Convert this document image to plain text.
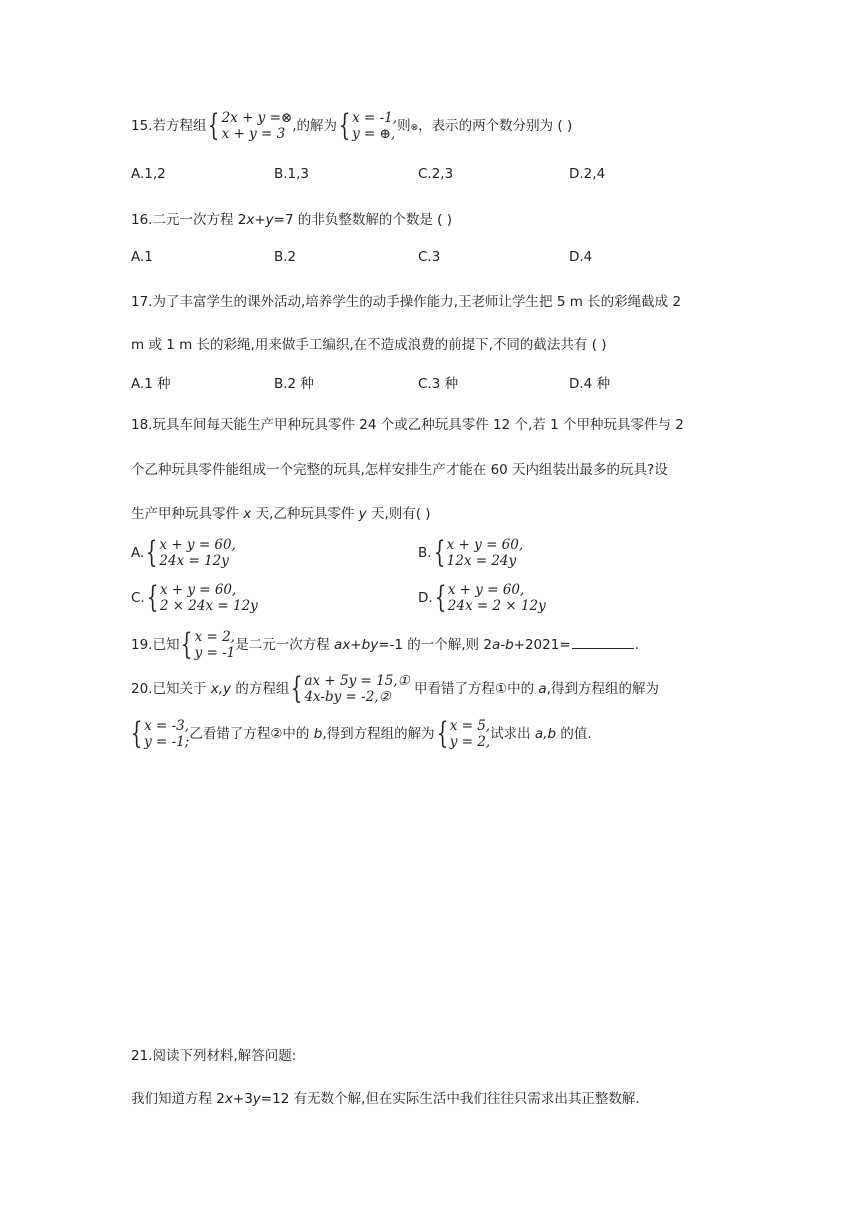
15.若方程组{ 2x + y =⊗
x + y = 3 ,的解为{ x = -1,
y = ⊕, 则⊗，表示的两个数分别为 ( )
A.1,2	B.1,3	C.2,3	D.2,4
16.二元一次方程 2x+y=7 的非负整数解的个数是 ( )
A.1	B.2	C.3	D.4
17.为了丰富学生的课外活动,培养学生的动手操作能力,王老师让学生把 5 m 长的彩绳截成 2
m 或 1 m 长的彩绳,用来做手工编织,在不造成浪费的前提下,不同的截法共有 ( )
A.1 种	B.2 种	C.3 种	D.4 种
18.玩具车间每天能生产甲种玩具零件 24 个或乙种玩具零件 12 个,若 1 个甲种玩具零件与 2
个乙种玩具零件能组成一个完整的玩具,怎样安排生产才能在 60 天内组装出最多的玩具?设
生产甲种玩具零件 x 天,乙种玩具零件 y 天,则有( )
A.{ x + y = 60,
24x = 12y	B.{ x + y = 60,
12x = 24y
C.{ x + y = 60,
2 × 24x = 12y	D.{ x + y = 60,
24x = 2 × 12y
19.已知{ x = 2,
y = -1是二元一次方程 ax+by=-1 的一个解,则 2a-b+2021=	.
20.已知关于 x,y 的方程组{ ax + 5y = 15,①
4x-by = -2,② 甲看错了方程①中的 a,得到方程组的解为
{ x = -3,
y = -1;乙看错了方程②中的 b,得到方程组的解为{ x = 5,
y = 2,试求出 a,b 的值.
21.阅读下列材料,解答问题:
我们知道方程 2x+3y=12 有无数个解,但在实际生活中我们往往只需求出其正整数解.
